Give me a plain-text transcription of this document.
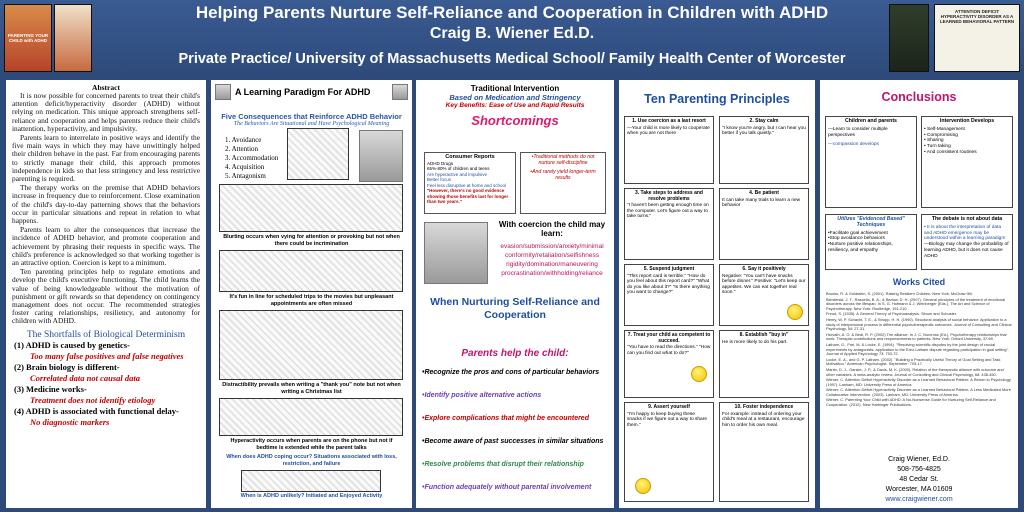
PARENTING YOUR CHILD with ADHD
Helping Parents Nurture Self-Reliance and Cooperation in Children with ADHD
Craig B. Wiener Ed.D.
Private Practice/ University of Massachusetts Medical School/ Family Health Center of Worcester
ATTENTION DEFICIT HYPERACTIVITY DISORDER AS A LEARNED BEHAVIORAL PATTERN
Abstract
It is now possible for concerned parents to treat their child's attention deficit/hyperactivity disorder (ADHD) without relying on medication. This unique approach strengthens self-reliance and cooperation and helps parents reduce their child's inattention, hyperactivity, and impulsivity.
Parents learn to interrelate in positive ways and identify the five main ways in which they may have unwittingly helped their children behave in the past. Far from encouraging parents to strictly manage their child, this approach promotes independence in kids so that less stringency and less restrictive parenting is required.
The therapy works on the premise that ADHD behaviors increase in frequency due to reinforcement. Close examination of the child's day-to-day patterning shows that the behaviors occur in particular situations and repeat in relation to what happens.
Parents learn to alter the consequences that increase the incidence of ADHD behavior, and promote cooperation and achievement by phrasing their requests in specific ways. The child's preference is acknowledged so that working together is an attractive option. Coercion is kept to a minimum.
Ten parenting principles help to regulate emotions and develop the child's executive functioning. The child learns the value of being knowledgeable without the motivation of punishment or gift rewards so that dependency on contingency management does not occur. The recommended strategies foster caring relationships, resiliency, and autonomy for children with ADHD.
The Shortfalls of Biological Determinism
(1) ADHD is caused by genetics-
Too many false positives and false negatives
(2) Brain biology is different-
Correlated data not causal data
(3) Medicine works-
Treatment does not identify etiology
(4) ADHD is associated with functional delay-
No diagnostic markers
A Learning Paradigm For ADHD
Five Consequences that Reinforce ADHD Behavior
The Behaviors Are Situational and Have Psychological Meaning
1. Avoidance
2. Attention
3. Accommodation
4. Acquisition
5. Antagonism
Blurting occurs when vying for attention or provoking but not when there could be incrimination
It's fun in line for scheduled trips to the movies but unpleasant appointments are often missed
Distractibility prevails when writing a "thank you" note but not when writing a Christmas list
Hyperactivity occurs when parents are on the phone but not if bedtime is extended while the parent talks
When does ADHD coping occur? Situations associated with loss, restriction, and failure
When is ADHD unlikely? Initiated and Enjoyed Activity
Traditional Intervention
Based on Medication and Stringency
Key Benefits: Ease of Use and Rapid Results
Shortcomings
Consumer Reports
ADHD Drugs
65%-80% of children and teens
Are hyperactive and impulsive
Better focus
Feel less disruptive at home and school
"However, there's no good evidence showing those benefits last for longer than two years."
•Traditional methods do not nurture self-discipline
•And rarely yield longer-term results
With coercion the child may learn:
evasion/submission/anxiety/minimal conformity/retaliation/selfishness rigidity/domination/maneuvering procrastination/withholding/reliance
When Nurturing Self-Reliance and Cooperation
Parents help the child:
•Recognize the pros and cons of particular behaviors
•Identify positive alternative actions
•Explore complications that might be encountered
•Become aware of past successes in similar situations
•Resolve problems that disrupt their relationship
•Function adequately without parental involvement
Ten Parenting Principles
1. Use coercion as a last resort
—Your child is more likely to cooperate when you are not there
2. Stay calm
"I know you're angry, but I can hear you better if you talk quietly."
3. Take steps to address and resolve problems
"I haven't been getting enough time on the computer. Let's figure out a way to take turns."
4. Be patient
It can take many trials to learn a new behavior
5. Suspend judgment
"This report card is terrible." "How do you feel about this report card?" "What do you like about it?" "Is there anything you want to change?"
6. Say it positively
Negative: "You can't have snacks before dinner." Positive: "Let's keep our appetites. We can eat together real soon."
7. Treat your child as competent to succeed.
"You have to read the directions." "How can you find out what to do?"
8. Establish "buy in"
He is more likely to do his part.
9. Assert yourself
"I'm happy to keep buying these snacks if we figure out a way to share them."
10. Foster independence
For example: instead of ordering your child's meal at a restaurant, encourage him to order his own meal.
Conclusions
Children and parents
—Learn to consider multiple perspectives
—compassion develops
Intervention Develops
• Self-Management
• Compromising
• Sharing
• Turn taking
• And consistent routines
Utilizes "Evidenced Based" Techniques
•Facilitate goal achievement
•Stop avoidance behaviors
•Nurture positive relationships, resiliency, and empathy
The debate is not about data
• It is about the interpretation of data and ADHD emergence may be understood within a learning paradigm
—Biology may change the probability of learning ADHD, but it does not cause ADHD
Works Cited
Brooks, R. & Goldstein, S. (2001). Raising Resilient Children. New York: McGraw Hill.
Bierderski, J. T., Rascella, B. A., & Barlow, D. H. (2007). General principles of the treatment of emotional disorders across the lifespan. In S. G. Hofmann & J. Weinberger (Eds.), The Art and Science of Psychotherapy. New York: Routledge, 191-210.
Freud, S. (1935). A General Theory of Psychoanalysis. Simon and Schuster.
Henry, W. P. Schacht, T. E., & Strupp, H. H. (1990). Structural analysis of social behavior: Application to a study of interpersonal process in differential psychotherapeutic outcomes. Journal of Consulting and Clinical Psychology, 54: 27-31.
Horvath, A. O. & Bedi, R. P. (2002) The alliance. In J. C. Norcross (Ed.), Psychotherapy relationships that work: Therapist contributions and responsiveness to patients. New York: Oxford University, 37-69.
Latham, G., Frei, M. & Locke, E. (1994). "Resolving scientific disputes by the joint design of crucial experiments by antagonists: application to the Erez-Latham dispute regarding participation in goal setting". Journal of Applied Psychology 73: 753-72.
Locke, E. A., and G. P. Latham. (2002). "Building a Practically Useful Theory of Goal Setting and Task Motivation." American Psychologist. September: 705-17.
Martin, D. J., Garske, J. P., & Davis, M. K. (2000). Relation of the therapeutic alliance with outcome and other variables. A meta-analytic review. Journal of Consulting and Clinical Psychology, 68: 438-450.
Wiener, C. Attention Deficit Hyperactivity Disorder as a Learned Behavioral Pattern: A Return to Psychology. (1997). Lanham, MD: University Press of America.
Wiener, C. Attention Deficit Hyperactivity Disorder as a Learned Behavioral Pattern: A Less Medicated More Collaborative Intervention. (2003). Lanham, MD: University Press of America.
Wiener, C. Parenting Your Child with ADHD: A No-Nonsense Guide for Nurturing Self-Reliance and Cooperation. (2012). New Harbinger Publications.
Craig Wiener, Ed.D.
508-756-4825
48 Cedar St.
Worcester, MA 01609
www.craigwiener.com
